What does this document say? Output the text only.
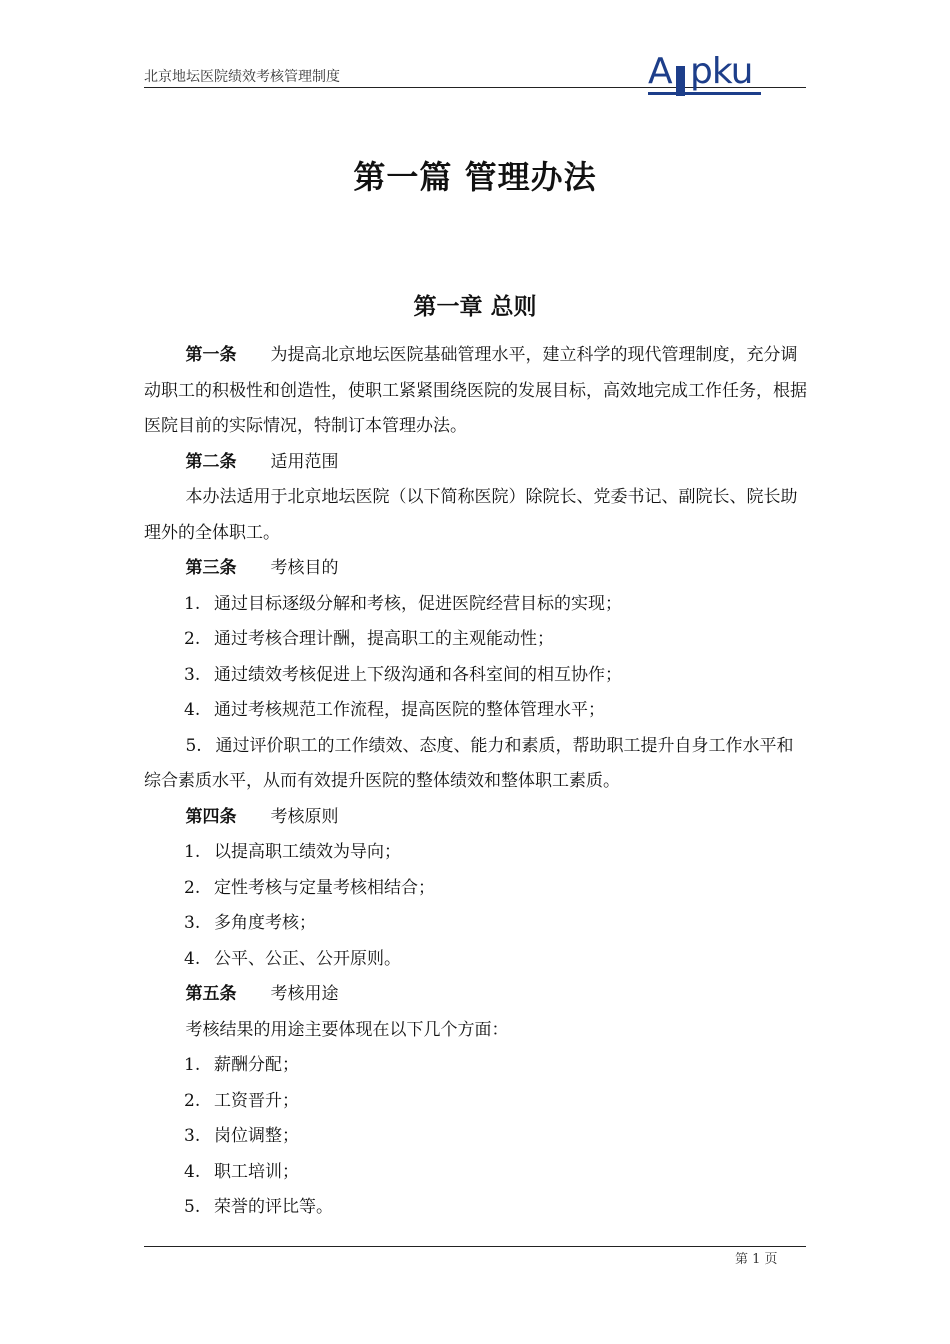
北京地坛医院绩效考核管理制度	A pku
第一篇 管理办法
第一章 总则

第一条 为提高北京地坛医院基础管理水平，建立科学的现代管理制度，充分调动职工的积极性和创造性，使职工紧紧围绕医院的发展目标，高效地完成工作任务，根据医院目前的实际情况，特制订本管理办法。

第二条 适用范围

本办法适用于北京地坛医院（以下简称医院）除院长、党委书记、副院长、院长助理外的全体职工。

第三条 考核目的

1. 通过目标逐级分解和考核，促进医院经营目标的实现；

2. 通过考核合理计酬，提高职工的主观能动性；

3. 通过绩效考核促进上下级沟通和各科室间的相互协作；

4. 通过考核规范工作流程，提高医院的整体管理水平；

5. 通过评价职工的工作绩效、态度、能力和素质，帮助职工提升自身工作水平和综合素质水平，从而有效提升医院的整体绩效和整体职工素质。

第四条 考核原则

1. 以提高职工绩效为导向；

2. 定性考核与定量考核相结合；

3. 多角度考核；

4. 公平、公正、公开原则。

第五条 考核用途

考核结果的用途主要体现在以下几个方面：

1. 薪酬分配；

2. 工资晋升；

3. 岗位调整；

4. 职工培训；

5. 荣誉的评比等。

第 1 页
